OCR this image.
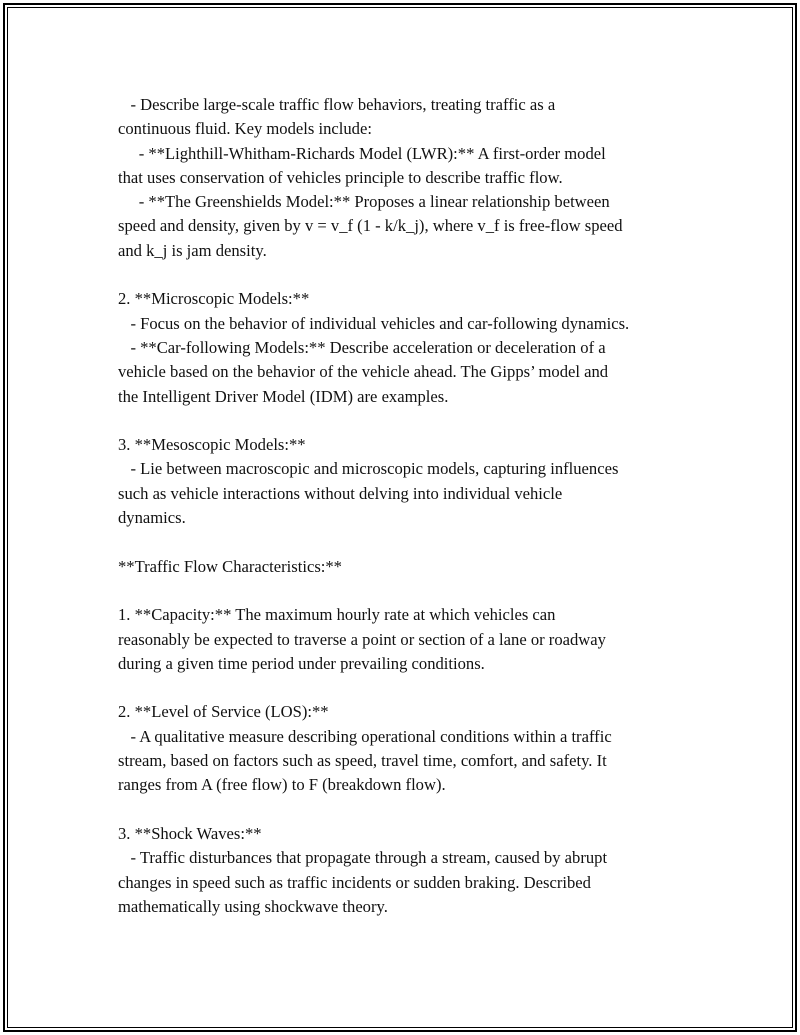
- Describe large-scale traffic flow behaviors, treating traffic as a
continuous fluid. Key models include:
- **Lighthill-Whitham-Richards Model (LWR):** A first-order model
that uses conservation of vehicles principle to describe traffic flow.
- **The Greenshields Model:** Proposes a linear relationship between
speed and density, given by v = v_f (1 - k/k_j), where v_f is free-flow speed
and k_j is jam density.
2. **Microscopic Models:**
- Focus on the behavior of individual vehicles and car-following dynamics.
- **Car-following Models:** Describe acceleration or deceleration of a
vehicle based on the behavior of the vehicle ahead. The Gipps’ model and
the Intelligent Driver Model (IDM) are examples.
3. **Mesoscopic Models:**
- Lie between macroscopic and microscopic models, capturing influences
such as vehicle interactions without delving into individual vehicle
dynamics.
**Traffic Flow Characteristics:**
1. **Capacity:** The maximum hourly rate at which vehicles can
reasonably be expected to traverse a point or section of a lane or roadway
during a given time period under prevailing conditions.
2. **Level of Service (LOS):**
- A qualitative measure describing operational conditions within a traffic
stream, based on factors such as speed, travel time, comfort, and safety. It
ranges from A (free flow) to F (breakdown flow).
3. **Shock Waves:**
- Traffic disturbances that propagate through a stream, caused by abrupt
changes in speed such as traffic incidents or sudden braking. Described
mathematically using shockwave theory.
